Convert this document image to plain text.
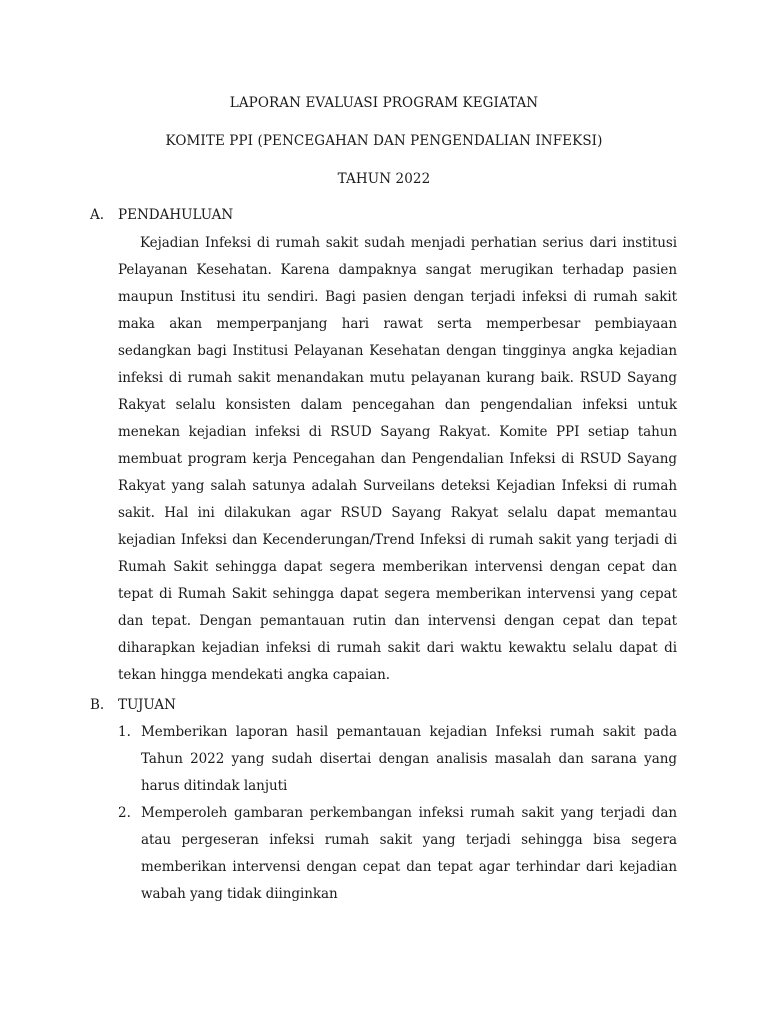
LAPORAN EVALUASI PROGRAM KEGIATAN
KOMITE PPI (PENCEGAHAN DAN PENGENDALIAN INFEKSI)
TAHUN 2022
A. PENDAHULUAN

Kejadian Infeksi di rumah sakit sudah menjadi perhatian serius dari institusi Pelayanan Kesehatan. Karena dampaknya sangat merugikan terhadap pasien maupun Institusi itu sendiri. Bagi pasien dengan terjadi infeksi di rumah sakit maka akan memperpanjang hari rawat serta memperbesar pembiayaan sedangkan bagi Institusi Pelayanan Kesehatan dengan tingginya angka kejadian infeksi di rumah sakit menandakan mutu pelayanan kurang baik. RSUD Sayang Rakyat selalu konsisten dalam pencegahan dan pengendalian infeksi untuk menekan kejadian infeksi di RSUD Sayang Rakyat. Komite PPI setiap tahun membuat program kerja Pencegahan dan Pengendalian Infeksi di RSUD Sayang Rakyat yang salah satunya adalah Surveilans deteksi Kejadian Infeksi di rumah sakit. Hal ini dilakukan agar RSUD Sayang Rakyat selalu dapat memantau kejadian Infeksi dan Kecenderungan/Trend Infeksi di rumah sakit yang terjadi di Rumah Sakit sehingga dapat segera memberikan intervensi dengan cepat dan tepat di Rumah Sakit sehingga dapat segera memberikan intervensi yang cepat dan tepat. Dengan pemantauan rutin dan intervensi dengan cepat dan tepat diharapkan kejadian infeksi di rumah sakit dari waktu kewaktu selalu dapat di tekan hingga mendekati angka capaian.

B. TUJUAN
1. Memberikan laporan hasil pemantauan kejadian Infeksi rumah sakit pada Tahun 2022 yang sudah disertai dengan analisis masalah dan sarana yang harus ditindak lanjuti
2. Memperoleh gambaran perkembangan infeksi rumah sakit yang terjadi dan atau pergeseran infeksi rumah sakit yang terjadi sehingga bisa segera memberikan intervensi dengan cepat dan tepat agar terhindar dari kejadian wabah yang tidak diinginkan
